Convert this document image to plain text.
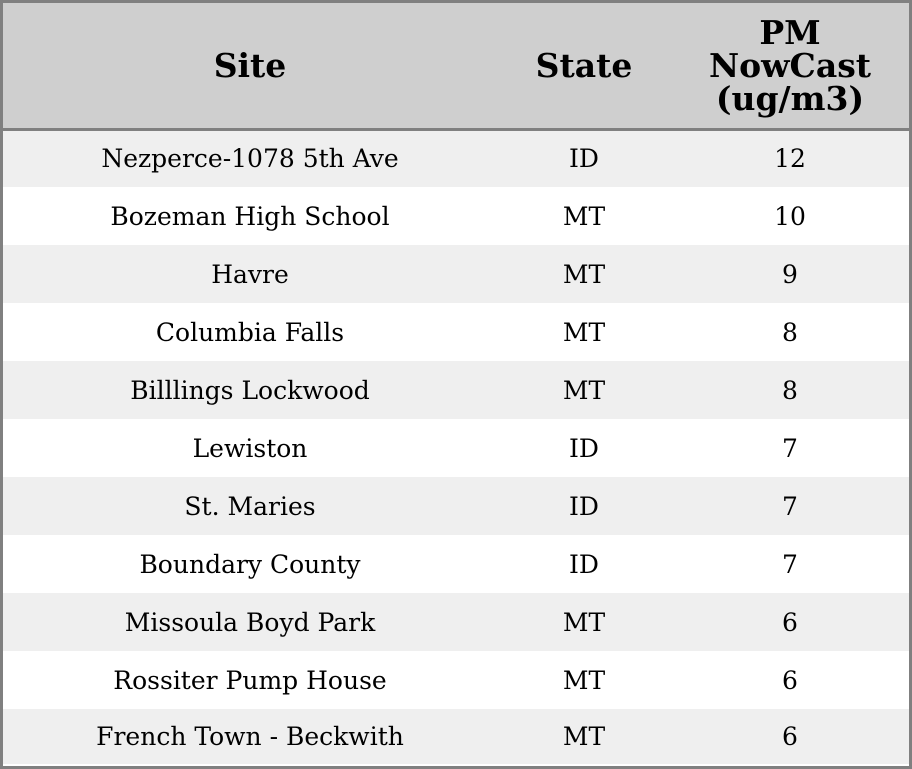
Site	State	PM
NowCast
(ug/m3)

Nezperce-1078 5th Ave	ID	12
Bozeman High School	MT	10
Havre	MT	9
Columbia Falls	MT	8
Billlings Lockwood	MT	8
Lewiston	ID	7
St. Maries	ID	7
Boundary County	ID	7
Missoula Boyd Park	MT	6
Rossiter Pump House	MT	6
French Town - Beckwith	MT	6
